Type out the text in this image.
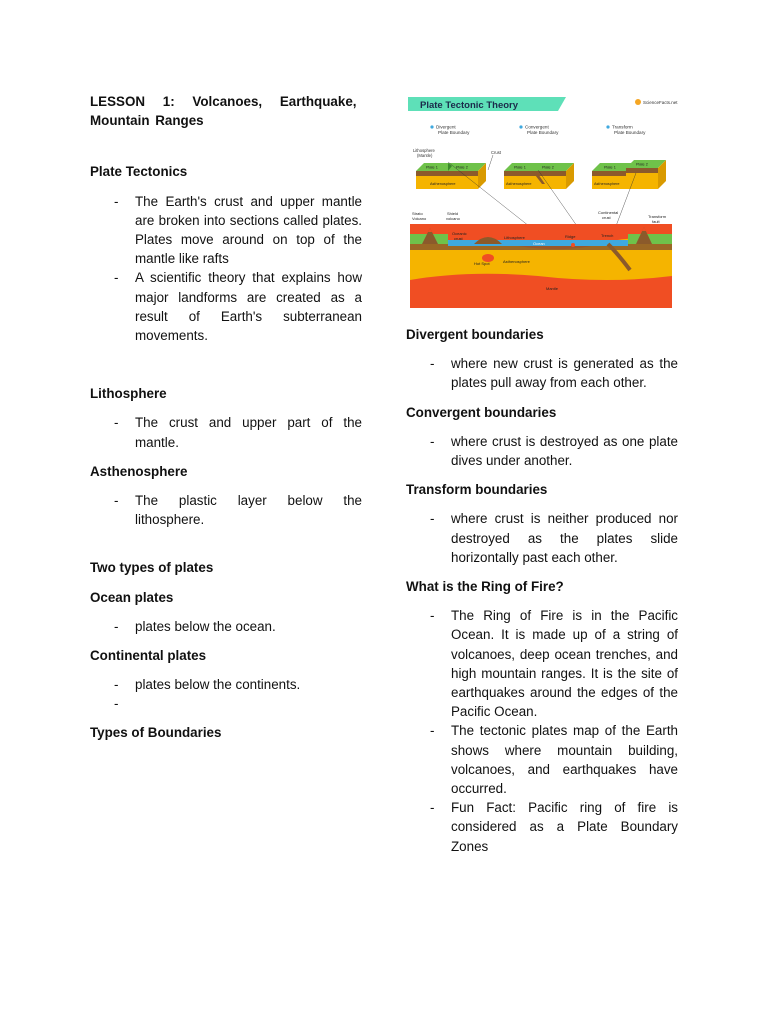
LESSON 1: Volcanoes, Earthquake,
Mountain Ranges

Plate Tectonics

- The Earth's crust and upper mantle are broken into sections called plates. Plates move around on top of the mantle like rafts
- A scientific theory that explains how major landforms are created as a result of Earth's subterranean movements.

Lithosphere

- The crust and upper part of the mantle.

Asthenosphere

- The plastic layer below the lithosphere.

Two types of plates

Ocean plates

- plates below the ocean.

Continental plates

- plates below the continents.
-

Types of Boundaries

Plate Tectonic Theory	ScienceFacts.net
Divergent
Plate Boundary
Convergent
Plate Boundary
Transform
Plate Boundary
Lithosphere
(Mantle)
Crust
Plate 1	Plate 2
Asthenosphere
Plate 1	Plate 2
Asthenosphere
Plate 1
Plate 2
Asthenosphere
Strato
Volcano
Shield
volcano
Oceanic
crust	Lithosphere	Ridge
Continental
crust
Trench
Transform
fault
Ocean
Asthenosphere
Hot Spot
Mantle

Divergent boundaries

- where new crust is generated as the plates pull away from each other.

Convergent boundaries

- where crust is destroyed as one plate dives under another.

Transform boundaries

- where crust is neither produced nor destroyed as the plates slide horizontally past each other.

What is the Ring of Fire?

- The Ring of Fire is in the Pacific Ocean. It is made up of a string of volcanoes, deep ocean trenches, and high mountain ranges. It is the site of earthquakes around the edges of the Pacific Ocean.
- The tectonic plates map of the Earth shows where mountain building, volcanoes, and earthquakes have occurred.
- Fun Fact: Pacific ring of fire is considered as a Plate Boundary Zones
